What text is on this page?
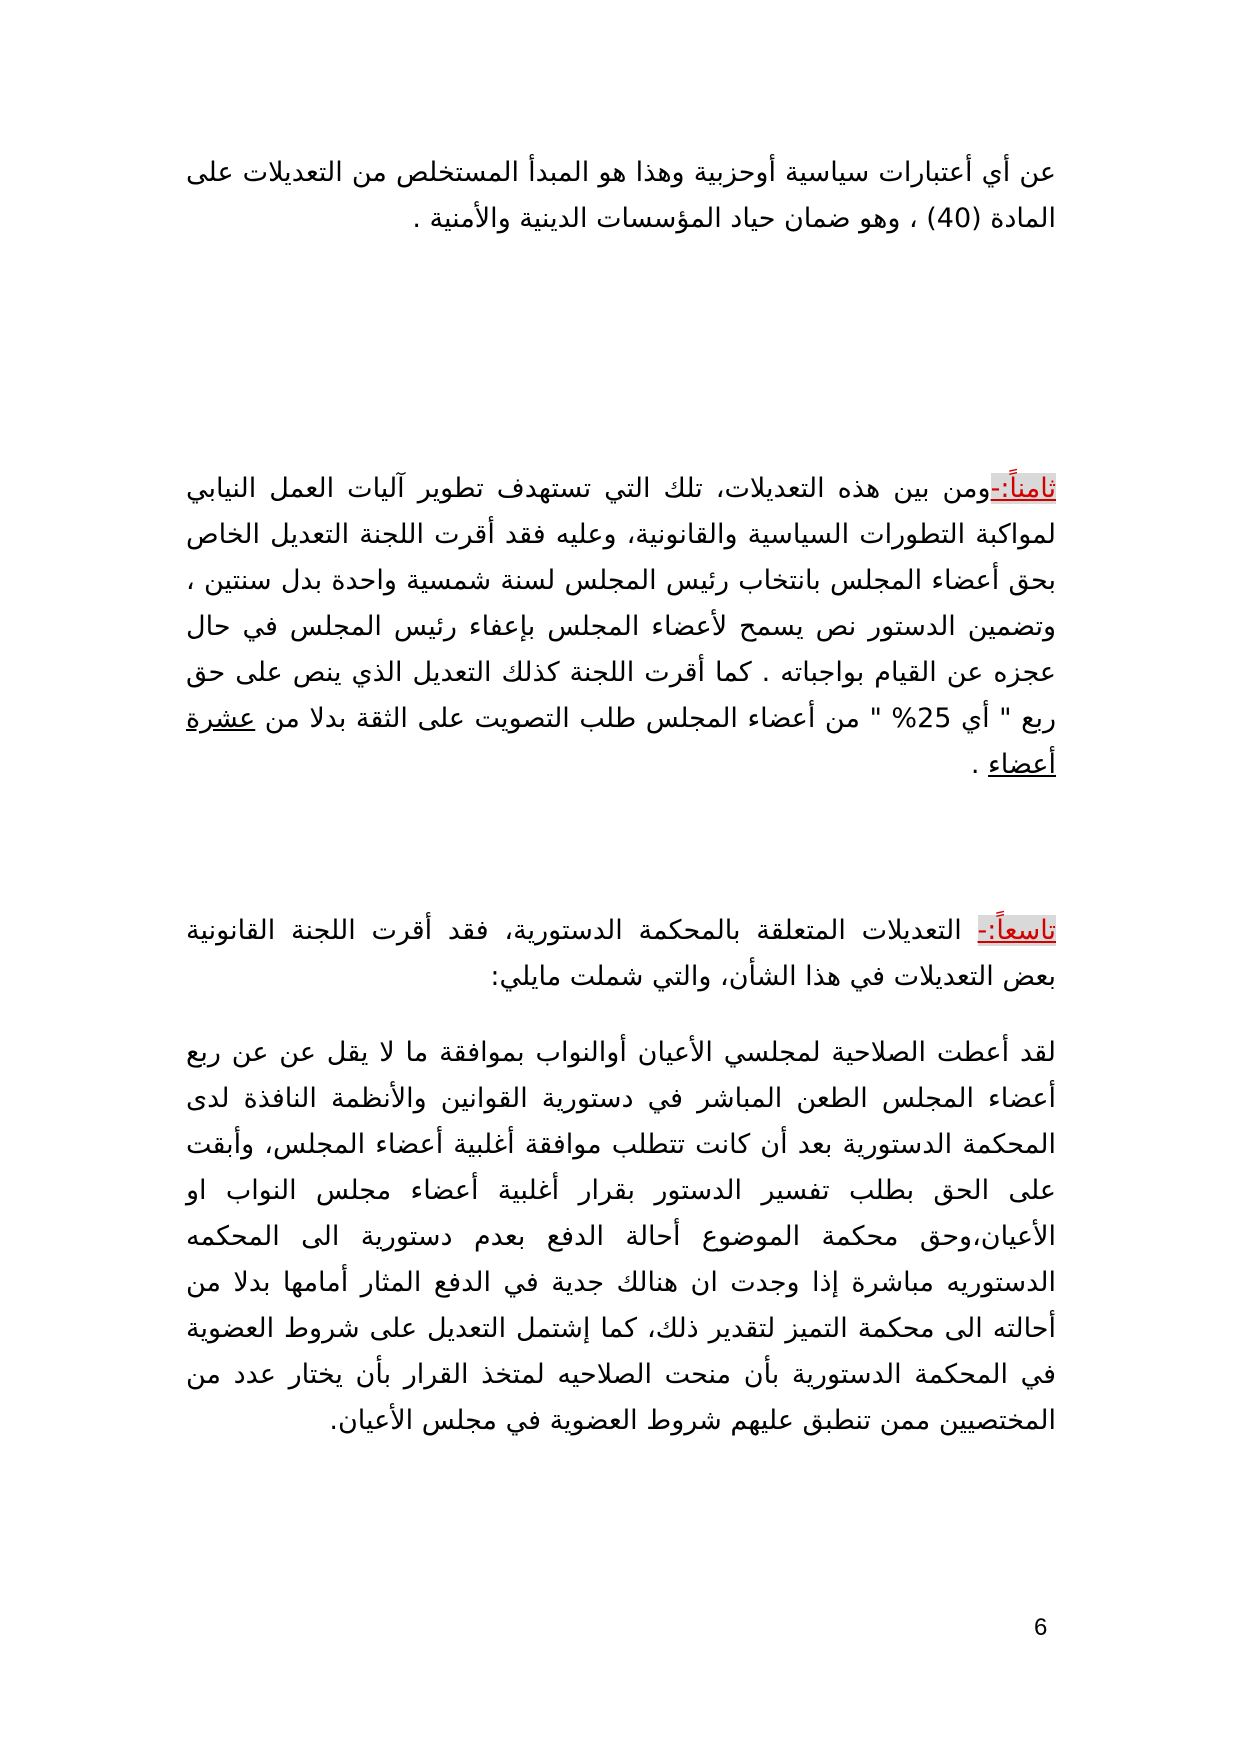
عن أي أعتبارات سياسية أوحزبية وهذا هو المبدأ المستخلص من التعديلات على المادة (40) ، وهو ضمان حياد المؤسسات الدينية والأمنية .

ثامناً:-ومن بين هذه التعديلات، تلك التي تستهدف تطوير آليات العمل النيابي لمواكبة التطورات السياسية والقانونية، وعليه فقد أقرت اللجنة التعديل الخاص بحق أعضاء المجلس بانتخاب رئيس المجلس لسنة شمسية واحدة بدل سنتين ، وتضمين الدستور نص يسمح لأعضاء المجلس بإعفاء رئيس المجلس في حال عجزه عن القيام بواجباته . كما أقرت اللجنة كذلك التعديل الذي ينص على حق ربع " أي 25% " من أعضاء المجلس طلب التصويت على الثقة بدلا من عشرة أعضاء .

تاسعاً:- التعديلات المتعلقة بالمحكمة الدستورية، فقد أقرت اللجنة القانونية بعض التعديلات في هذا الشأن، والتي شملت مايلي:

لقد أعطت الصلاحية لمجلسي الأعيان أوالنواب بموافقة ما لا يقل عن عن ربع أعضاء المجلس الطعن المباشر في دستورية القوانين والأنظمة النافذة لدى المحكمة الدستورية بعد أن كانت تتطلب موافقة أغلبية أعضاء المجلس، وأبقت على الحق بطلب تفسير الدستور بقرار أغلبية أعضاء مجلس النواب او الأعيان،وحق محكمة الموضوع أحالة الدفع بعدم دستورية الى المحكمه الدستوريه مباشرة إذا وجدت ان هنالك جدية في الدفع المثار أمامها بدلا من أحالته الى محكمة التميز لتقدير ذلك، كما إشتمل التعديل على شروط العضوية في المحكمة الدستورية بأن منحت الصلاحيه لمتخذ القرار بأن يختار عدد من المختصيين ممن تنطبق عليهم شروط العضوية في مجلس الأعيان.

6
